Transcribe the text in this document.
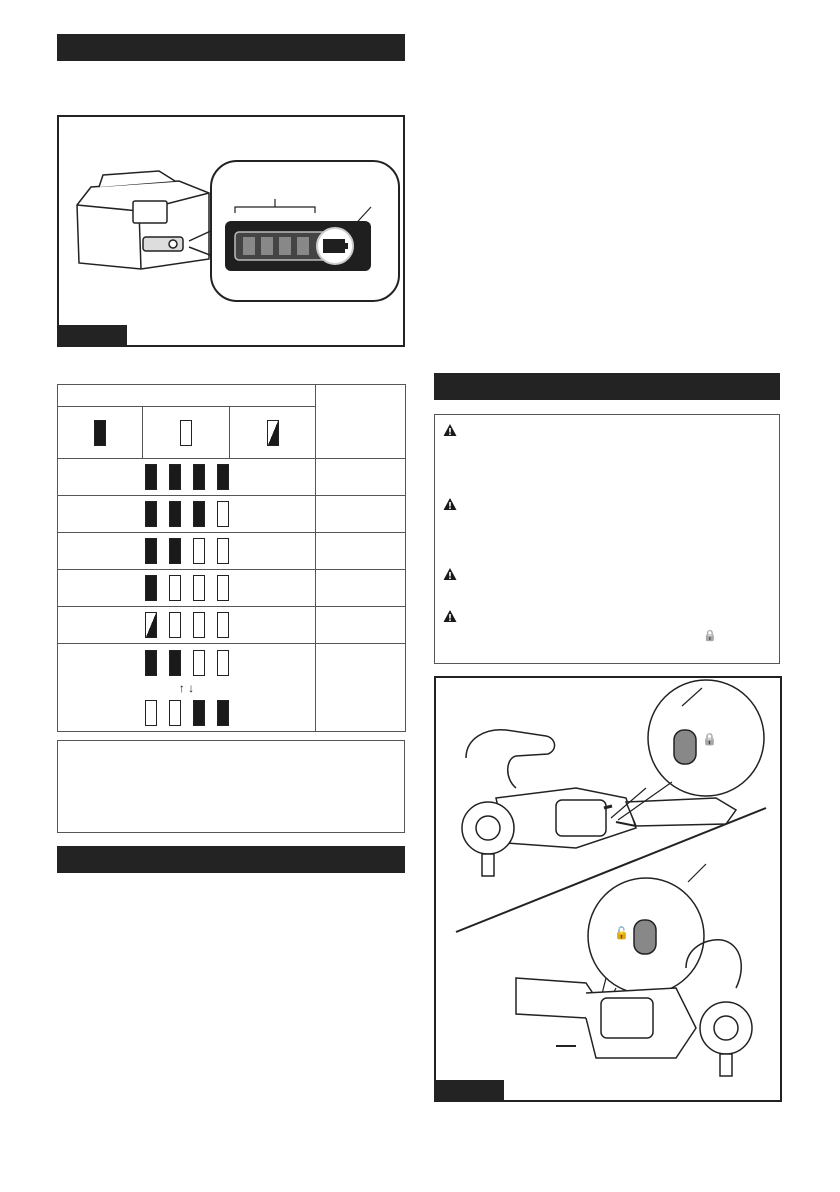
↑ ↓			

🔒
🔒
🔓
